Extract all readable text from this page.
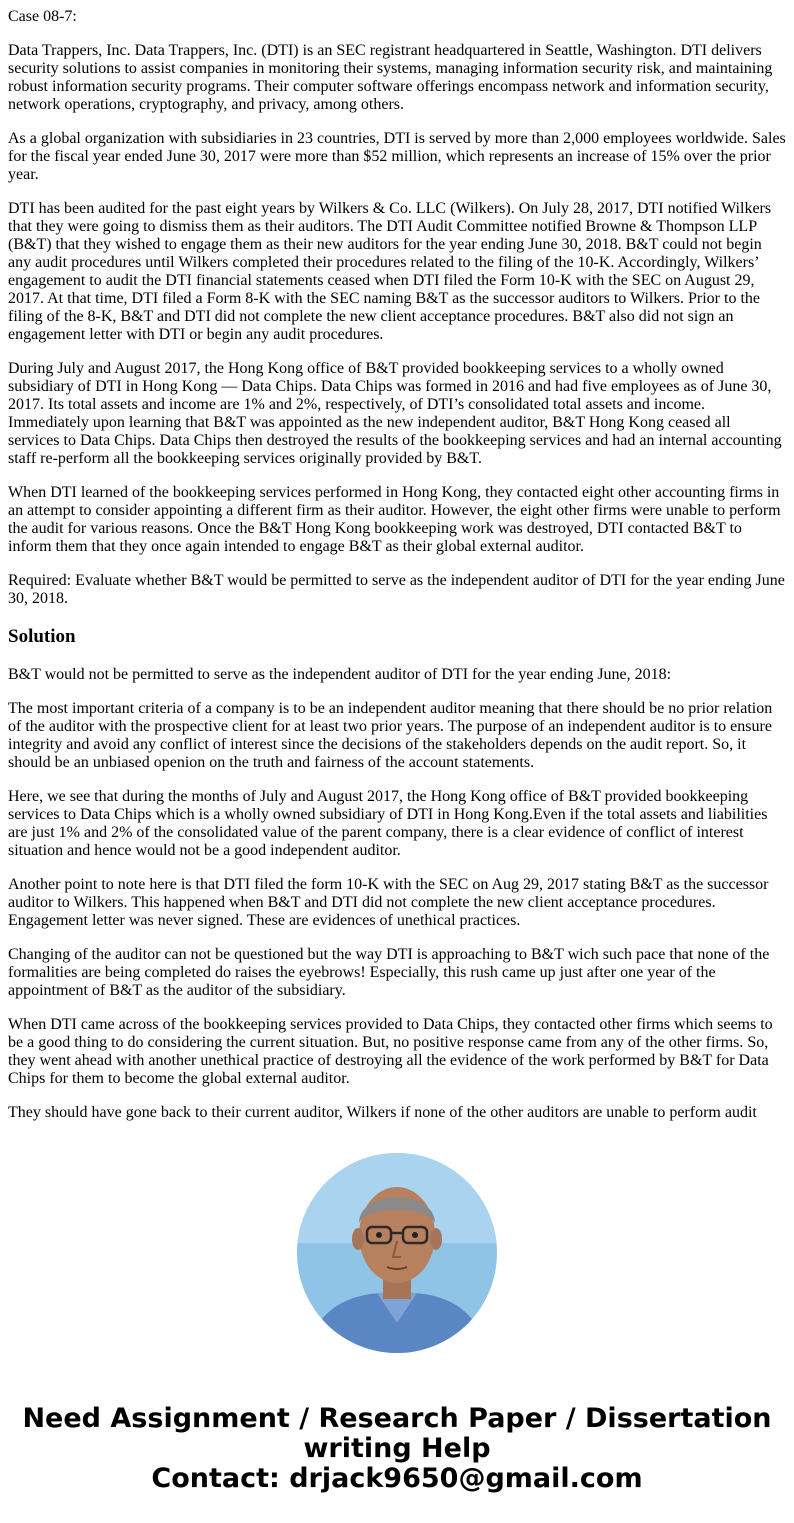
Case 08-7:

Data Trappers, Inc. Data Trappers, Inc. (DTI) is an SEC registrant headquartered in Seattle, Washington. DTI delivers security solutions to assist companies in monitoring their systems, managing information security risk, and maintaining robust information security programs. Their computer software offerings encompass network and information security, network operations, cryptography, and privacy, among others.

As a global organization with subsidiaries in 23 countries, DTI is served by more than 2,000 employees worldwide. Sales for the fiscal year ended June 30, 2017 were more than $52 million, which represents an increase of 15% over the prior year.

DTI has been audited for the past eight years by Wilkers & Co. LLC (Wilkers). On July 28, 2017, DTI notified Wilkers that they were going to dismiss them as their auditors. The DTI Audit Committee notified Browne & Thompson LLP (B&T) that they wished to engage them as their new auditors for the year ending June 30, 2018. B&T could not begin any audit procedures until Wilkers completed their procedures related to the filing of the 10-K. Accordingly, Wilkers’ engagement to audit the DTI financial statements ceased when DTI filed the Form 10-K with the SEC on August 29, 2017. At that time, DTI filed a Form 8-K with the SEC naming B&T as the successor auditors to Wilkers. Prior to the filing of the 8-K, B&T and DTI did not complete the new client acceptance procedures. B&T also did not sign an engagement letter with DTI or begin any audit procedures.

During July and August 2017, the Hong Kong office of B&T provided bookkeeping services to a wholly owned subsidiary of DTI in Hong Kong — Data Chips. Data Chips was formed in 2016 and had five employees as of June 30, 2017. Its total assets and income are 1% and 2%, respectively, of DTI’s consolidated total assets and income. Immediately upon learning that B&T was appointed as the new independent auditor, B&T Hong Kong ceased all services to Data Chips. Data Chips then destroyed the results of the bookkeeping services and had an internal accounting staff re-perform all the bookkeeping services originally provided by B&T.

When DTI learned of the bookkeeping services performed in Hong Kong, they contacted eight other accounting firms in an attempt to consider appointing a different firm as their auditor. However, the eight other firms were unable to perform the audit for various reasons. Once the B&T Hong Kong bookkeeping work was destroyed, DTI contacted B&T to inform them that they once again intended to engage B&T as their global external auditor.

Required: Evaluate whether B&T would be permitted to serve as the independent auditor of DTI for the year ending June 30, 2018.

Solution

B&T would not be permitted to serve as the independent auditor of DTI for the year ending June, 2018:

The most important criteria of a company is to be an independent auditor meaning that there should be no prior relation of the auditor with the prospective client for at least two prior years. The purpose of an independent auditor is to ensure integrity and avoid any conflict of interest since the decisions of the stakeholders depends on the audit report. So, it should be an unbiased openion on the truth and fairness of the account statements.

Here, we see that during the months of July and August 2017, the Hong Kong office of B&T provided bookkeeping services to Data Chips which is a wholly owned subsidiary of DTI in Hong Kong.Even if the total assets and liabilities are just 1% and 2% of the consolidated value of the parent company, there is a clear evidence of conflict of interest situation and hence would not be a good independent auditor.

Another point to note here is that DTI filed the form 10-K with the SEC on Aug 29, 2017 stating B&T as the successor auditor to Wilkers. This happened when B&T and DTI did not complete the new client acceptance procedures. Engagement letter was never signed. These are evidences of unethical practices.

Changing of the auditor can not be questioned but the way DTI is approaching to B&T wich such pace that none of the formalities are being completed do raises the eyebrows! Especially, this rush came up just after one year of the appointment of B&T as the auditor of the subsidiary.

When DTI came across of the bookkeeping services provided to Data Chips, they contacted other firms which seems to be a good thing to do considering the current situation. But, no positive response came from any of the other firms. So, they went ahead with another unethical practice of destroying all the evidence of the work performed by B&T for Data Chips for them to become the global external auditor.

They should have gone back to their current auditor, Wilkers if none of the other auditors are unable to perform audit

Need Assignment / Research Paper / Dissertation
writing Help
Contact: drjack9650@gmail.com
